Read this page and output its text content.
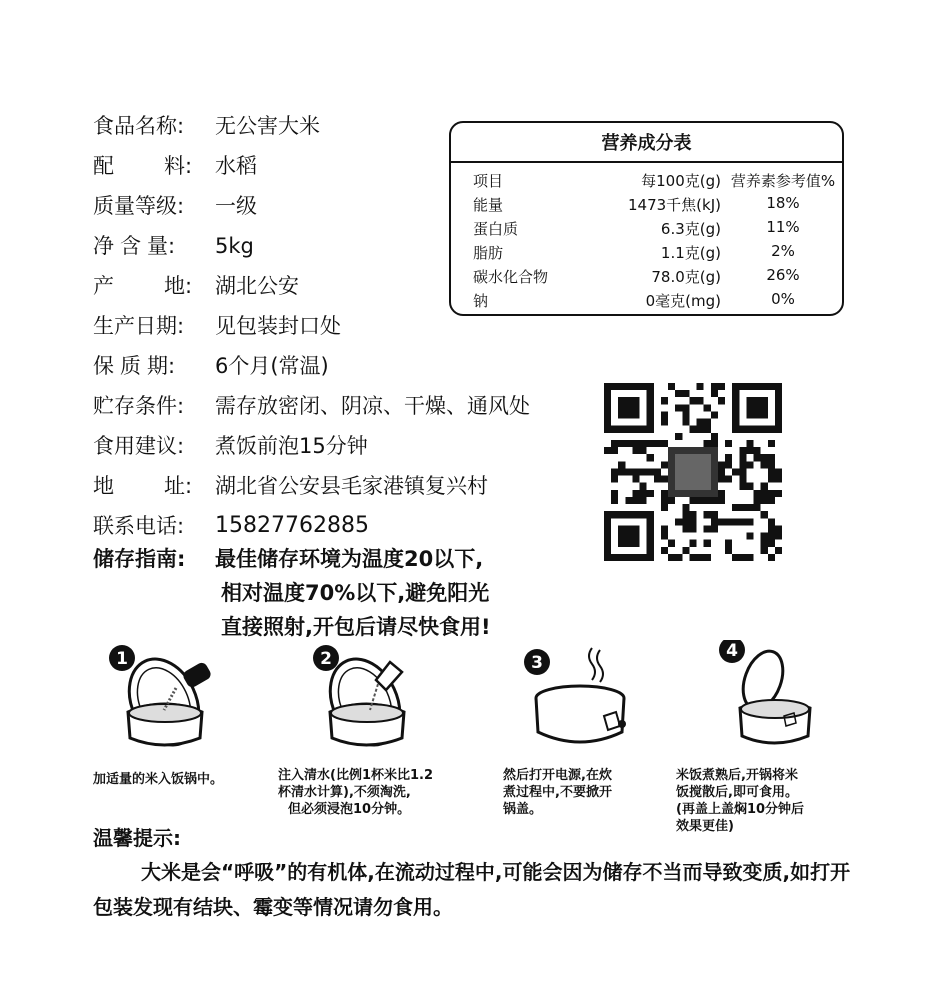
食品名称: 无公害大米
配 料: 水稻
质量等级: 一级
净 含 量: 5kg
产 地: 湖北公安
生产日期: 见包装封口处
保 质 期: 6个月(常温)
贮存条件: 需存放密闭、阴凉、干燥、通风处
食用建议: 煮饭前泡15分钟
地 址: 湖北省公安县毛家港镇复兴村
联系电话: 15827762885
储存指南: 最佳储存环境为温度20以下,
相对温度70%以下,避免阳光
直接照射,开包后请尽快食用!
营养成分表
项目	每100克(g) 营养素参考值%
能量	1473千焦(kJ)	18%
蛋白质	6.3克(g)	11%
脂肪	1.1克(g)	2%
碳水化合物	78.0克(g)	26%
钠	0毫克(mg)	0%
1	2	3
4
加适量的米入饭锅中。	注入清水(比例1杯米比1.2
杯清水计算),不须淘洗,
但必须浸泡10分钟。
然后打开电源,在炊
煮过程中,不要掀开
锅盖。
米饭煮熟后,开锅将米
饭搅散后,即可食用。
(再盖上盖焖10分钟后
效果更佳)
温馨提示:
大米是会“呼吸”的有机体,在流动过程中,可能会因为储存不当而导致变质,如打开包装发现有结块、霉变等情况请勿食用。
